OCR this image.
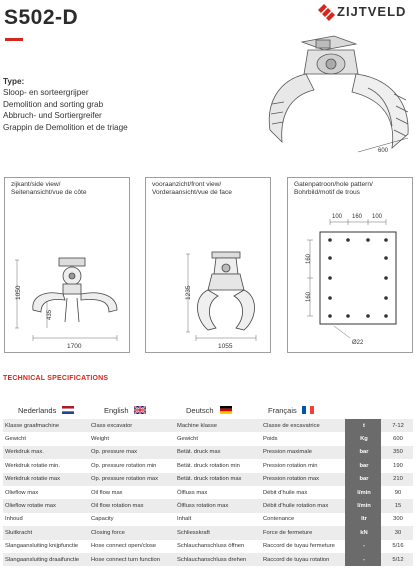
S502-D	ZIJTVELD
Type:
Sloop- en sorteergrijper
Demolition and sorting grab
Abbruch- und Sortiergreifer
Grappin de Demolition et de triage
600
zijkant/side view/
Seitenansicht/vue de côte
1050
435
1700
vooraanzicht/front view/
Vorderaansicht/vue de face
1235
1055
Gatenpatroon/hole pattern/
Bohrbild/motif de trous
100 160 100
160
160
Ø22
TECHNICAL SPECIFICATIONS
Nederlands	English	Deutsch	Français
Klasse graafmachine	Class excavator	Machine klasse	Classe de excavatrice	t	7-12
Gewicht	Weight	Gewicht	Poids	Kg	600
Werkdruk max.	Op. pressure max	Betät. druck max	Pression maximale	bar	350
Werkdruk rotatie min.	Op. pressure rotation min	Betät. druck rotation min	Pression rotation min	bar	190
Werkdruk rotatie max	Op. pressure rotation max	Betät. druck rotation max	Pression rotation max	bar	210
Olieflow max	Oil flow max	Ölfluss max	Débit d'huile max	l/min	90
Olieflow rotatie max	Oil flow rotation max	Ölfluss rotation max	Débit d'huile rotation max	l/min	15
Inhoud	Capacity	Inhalt	Contenance	ltr	300
Sluitkracht	Closing force	Schliesskraft	Force de fermeture	kN	30
Slangaansluiting knijpfunctie	Hose connect open/close	Schlauchanschluss öffnen	Raccord de tuyau fermeture	-	5/16
Slangaansluiting draaifunctie	Hose connect turn function	Schlauchanschluss drehen	Raccord de tuyau rotation	-	5/12
